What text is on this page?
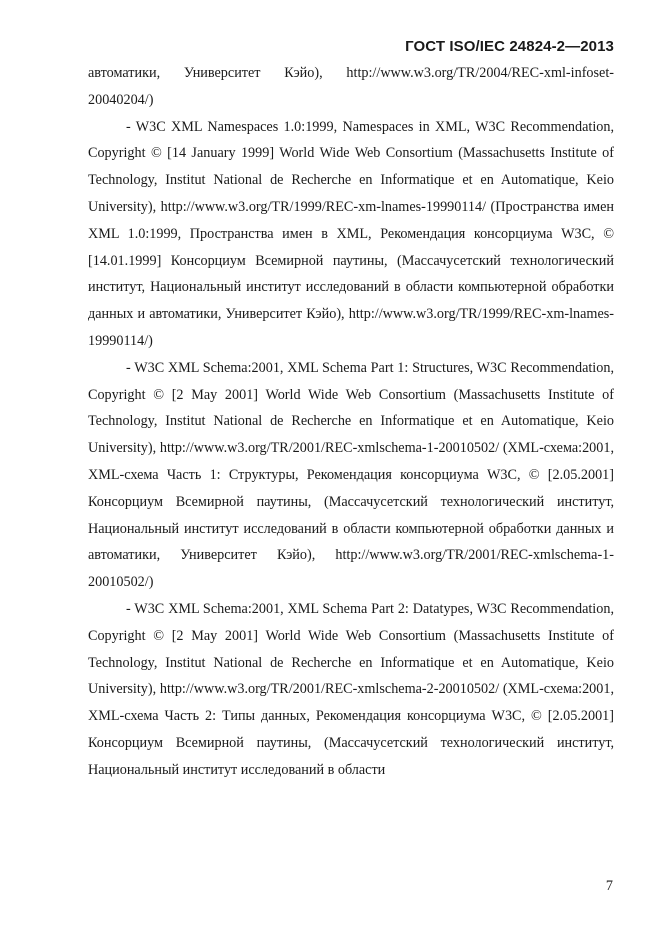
ГОСТ ISO/IEC 24824-2—2013

автоматики, Университет Кэйо), http://www.w3.org/TR/2004/REC-xml-infoset-20040204/)

- W3C XML Namespaces 1.0:1999, Namespaces in XML, W3C Recommendation, Copyright © [14 January 1999] World Wide Web Consortium (Massachusetts Institute of Technology, Institut National de Recherche en Informatique et en Automatique, Keio University), http://www.w3.org/TR/1999/REC-xm-lnames-19990114/ (Пространства имен XML 1.0:1999, Пространства имен в XML, Рекомендация консорциума W3C, © [14.01.1999] Консорциум Всемирной паутины, (Массачусетский технологический институт, Национальный институт исследований в области компьютерной обработки данных и автоматики, Университет Кэйо), http://www.w3.org/TR/1999/REC-xm-lnames-19990114/)

- W3C XML Schema:2001, XML Schema Part 1: Structures, W3C Recommendation, Copyright © [2 May 2001] World Wide Web Consortium (Massachusetts Institute of Technology, Institut National de Recherche en Informatique et en Automatique, Keio University), http://www.w3.org/TR/2001/REC-xmlschema-1-20010502/ (XML-схема:2001, XML-схема Часть 1: Структуры, Рекомендация консорциума W3C, © [2.05.2001] Консорциум Всемирной паутины, (Массачусетский технологический институт, Национальный институт исследований в области компьютерной обработки данных и автоматики, Университет Кэйо), http://www.w3.org/TR/2001/REC-xmlschema-1-20010502/)

- W3C XML Schema:2001, XML Schema Part 2: Datatypes, W3C Recommendation, Copyright © [2 May 2001] World Wide Web Consortium (Massachusetts Institute of Technology, Institut National de Recherche en Informatique et en Automatique, Keio University), http://www.w3.org/TR/2001/REC-xmlschema-2-20010502/ (XML-схема:2001, XML-схема Часть 2: Типы данных, Рекомендация консорциума W3C, © [2.05.2001] Консорциум Всемирной паутины, (Массачусетский технологический институт, Национальный институт исследований в области

7
